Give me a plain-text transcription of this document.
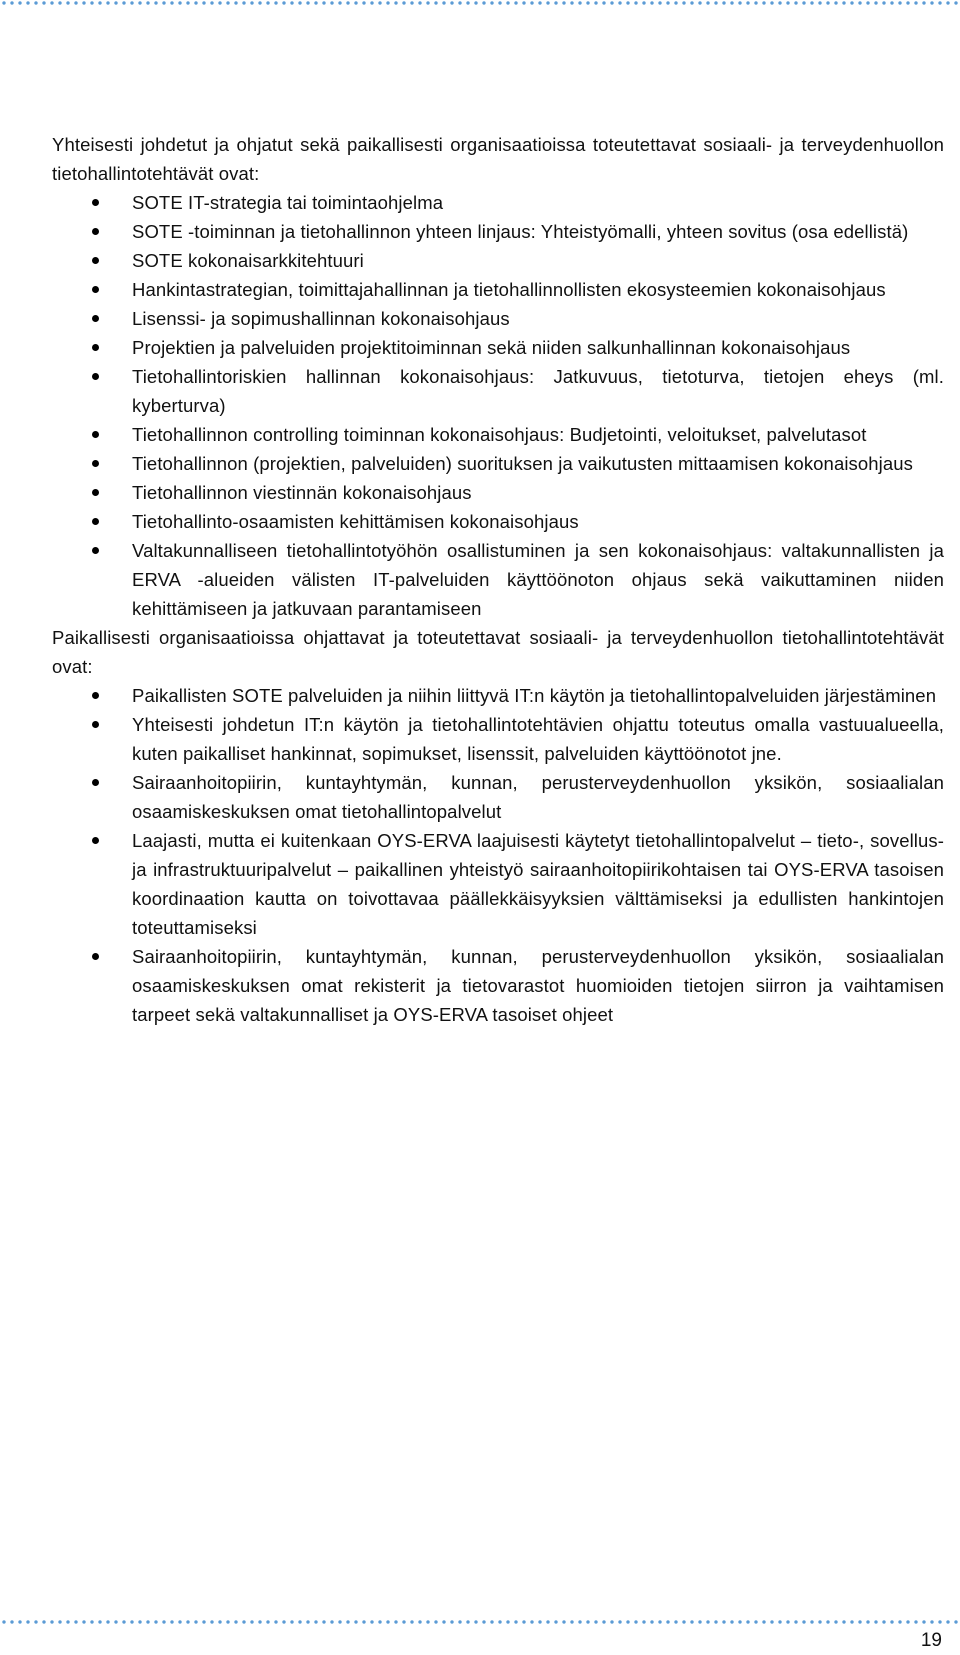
Yhteisesti johdetut ja ohjatut sekä paikallisesti organisaatioissa toteutettavat sosiaali- ja terveydenhuollon tietohallintotehtävät ovat:

SOTE IT-strategia tai toimintaohjelma
SOTE -toiminnan ja tietohallinnon yhteen linjaus: Yhteistyömalli, yhteen sovitus (osa edellistä)
SOTE kokonaisarkkitehtuuri
Hankintastrategian, toimittajahallinnan ja tietohallinnollisten ekosysteemien kokonaisohjaus
Lisenssi- ja sopimushallinnan kokonaisohjaus
Projektien ja palveluiden projektitoiminnan sekä niiden salkunhallinnan kokonaisohjaus
Tietohallintoriskien hallinnan kokonaisohjaus: Jatkuvuus, tietoturva, tietojen eheys (ml. kyberturva)
Tietohallinnon controlling toiminnan kokonaisohjaus: Budjetointi, veloitukset, palvelutasot
Tietohallinnon (projektien, palveluiden) suorituksen ja vaikutusten mittaamisen kokonaisohjaus
Tietohallinnon viestinnän kokonaisohjaus
Tietohallinto-osaamisten kehittämisen kokonaisohjaus
Valtakunnalliseen tietohallintotyöhön osallistuminen ja sen kokonaisohjaus: valtakunnallisten ja ERVA -alueiden välisten IT-palveluiden käyttöönoton ohjaus sekä vaikuttaminen niiden kehittämiseen ja jatkuvaan parantamiseen

Paikallisesti organisaatioissa ohjattavat ja toteutettavat sosiaali- ja terveydenhuollon tietohallintotehtävät ovat:

Paikallisten SOTE palveluiden ja niihin liittyvä IT:n käytön ja tietohallintopalveluiden järjestäminen
Yhteisesti johdetun IT:n käytön ja tietohallintotehtävien ohjattu toteutus omalla vastuualueella, kuten paikalliset hankinnat, sopimukset, lisenssit, palveluiden käyttöönotot jne.
Sairaanhoitopiirin, kuntayhtymän, kunnan, perusterveydenhuollon yksikön, sosiaalialan osaamiskeskuksen omat tietohallintopalvelut
Laajasti, mutta ei kuitenkaan OYS-ERVA laajuisesti käytetyt tietohallintopalvelut – tieto-, sovellus- ja infrastruktuuripalvelut – paikallinen yhteistyö sairaanhoitopiirikohtaisen tai OYS-ERVA tasoisen koordinaation kautta on toivottavaa päällekkäisyyksien välttämiseksi ja edullisten hankintojen toteuttamiseksi
Sairaanhoitopiirin, kuntayhtymän, kunnan, perusterveydenhuollon yksikön, sosiaalialan osaamiskeskuksen omat rekisterit ja tietovarastot huomioiden tietojen siirron ja vaihtamisen tarpeet sekä valtakunnalliset ja OYS-ERVA tasoiset ohjeet
19
